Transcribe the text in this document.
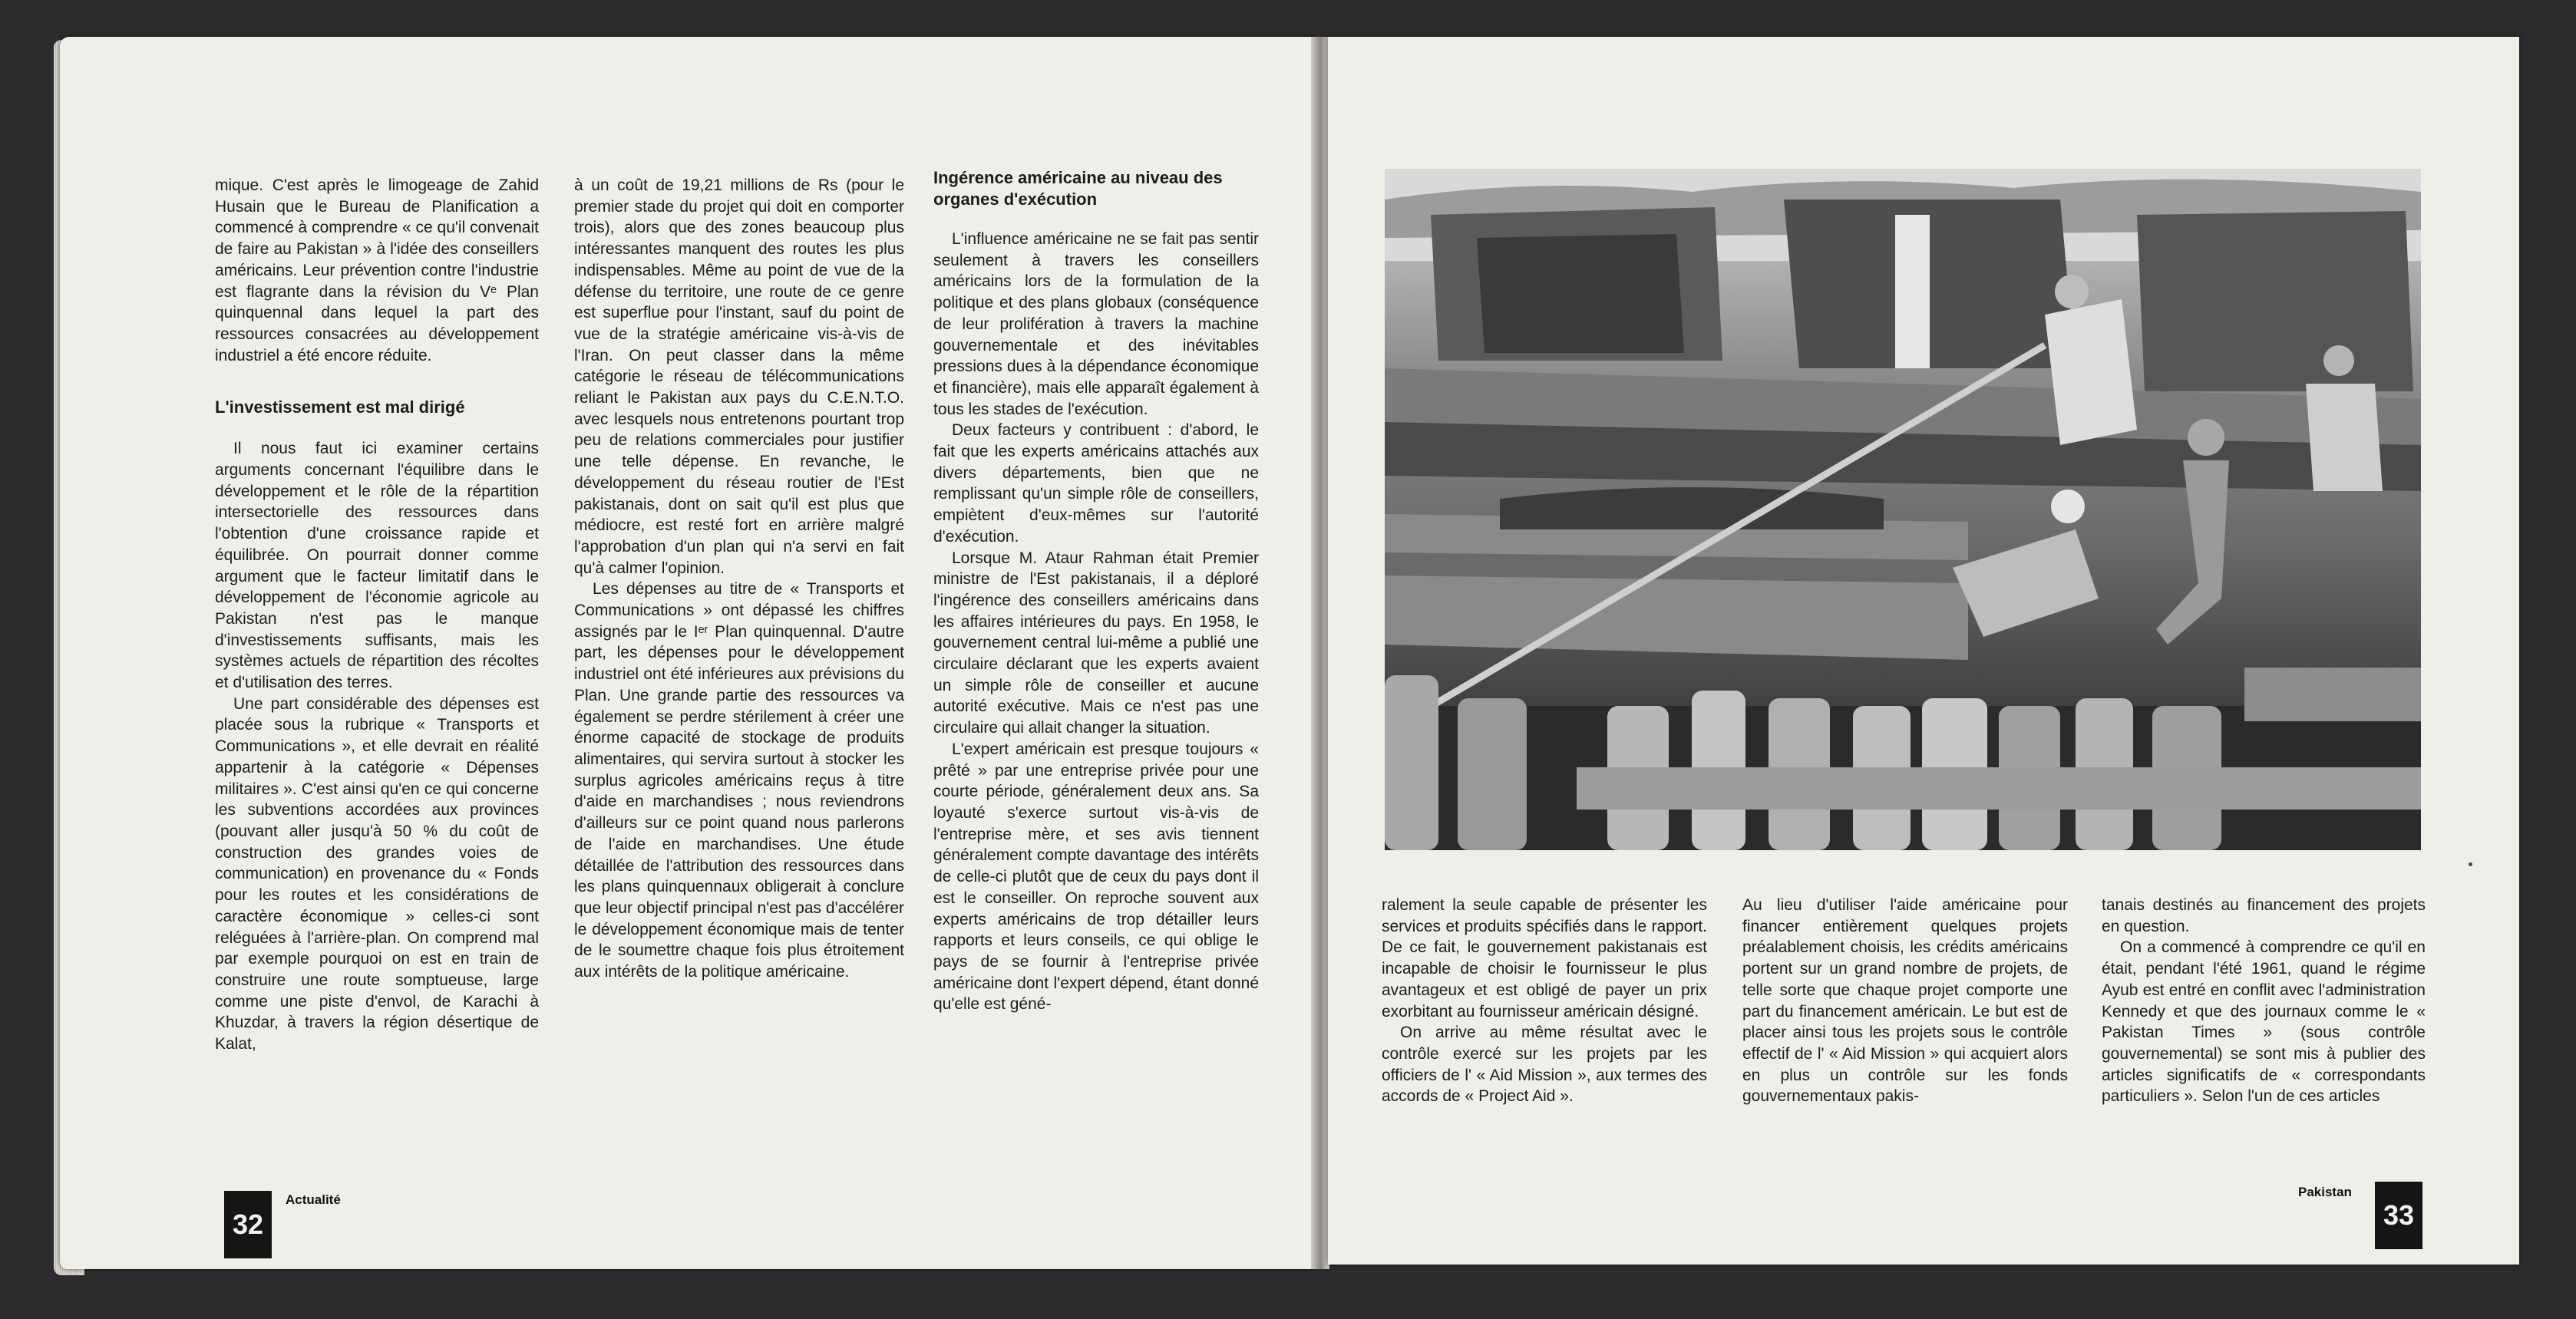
mique. C'est après le limogeage de Zahid Husain que le Bureau de Planification a commencé à comprendre « ce qu'il convenait de faire au Pakistan » à l'idée des conseillers américains. Leur prévention contre l'industrie est flagrante dans la révision du Vᵉ Plan quinquennal dans lequel la part des ressources consacrées au développement industriel a été encore réduite.

L'investissement est mal dirigé

Il nous faut ici examiner certains arguments concernant l'équilibre dans le développement et le rôle de la répartition intersectorielle des ressources dans l'obtention d'une croissance rapide et équilibrée. On pourrait donner comme argument que le facteur limitatif dans le développement de l'économie agricole au Pakistan n'est pas le manque d'investissements suffisants, mais les systèmes actuels de répartition des récoltes et d'utilisation des terres.

Une part considérable des dépenses est placée sous la rubrique « Transports et Communications », et elle devrait en réalité appartenir à la catégorie « Dépenses militaires ». C'est ainsi qu'en ce qui concerne les subventions accordées aux provinces (pouvant aller jusqu'à 50 % du coût de construction des grandes voies de communication) en provenance du « Fonds pour les routes et les considérations de caractère économique » celles-ci sont reléguées à l'arrière-plan. On comprend mal par exemple pourquoi on est en train de construire une route somptueuse, large comme une piste d'envol, de Karachi à Khuzdar, à travers la région désertique de Kalat,

à un coût de 19,21 millions de Rs (pour le premier stade du projet qui doit en comporter trois), alors que des zones beaucoup plus intéressantes manquent des routes les plus indispensables. Même au point de vue de la défense du territoire, une route de ce genre est superflue pour l'instant, sauf du point de vue de la stratégie américaine vis-à-vis de l'Iran. On peut classer dans la même catégorie le réseau de télécommunications reliant le Pakistan aux pays du C.E.N.T.O. avec lesquels nous entretenons pourtant trop peu de relations commerciales pour justifier une telle dépense. En revanche, le développement du réseau routier de l'Est pakistanais, dont on sait qu'il est plus que médiocre, est resté fort en arrière malgré l'approbation d'un plan qui n'a servi en fait qu'à calmer l'opinion.

Les dépenses au titre de « Transports et Communications » ont dépassé les chiffres assignés par le Iᵉʳ Plan quinquennal. D'autre part, les dépenses pour le développement industriel ont été inférieures aux prévisions du Plan. Une grande partie des ressources va également se perdre stérilement à créer une énorme capacité de stockage de produits alimentaires, qui servira surtout à stocker les surplus agricoles américains reçus à titre d'aide en marchandises ; nous reviendrons d'ailleurs sur ce point quand nous parlerons de l'aide en marchandises. Une étude détaillée de l'attribution des ressources dans les plans quinquennaux obligerait à conclure que leur objectif principal n'est pas d'accélérer le développement économique mais de tenter de le soumettre chaque fois plus étroitement aux intérêts de la politique américaine.

Ingérence américaine au niveau des organes d'exécution

L'influence américaine ne se fait pas sentir seulement à travers les conseillers américains lors de la formulation de la politique et des plans globaux (conséquence de leur prolifération à travers la machine gouvernementale et des inévitables pressions dues à la dépendance économique et financière), mais elle apparaît également à tous les stades de l'exécution.

Deux facteurs y contribuent : d'abord, le fait que les experts américains attachés aux divers départements, bien que ne remplissant qu'un simple rôle de conseillers, empiètent d'eux-mêmes sur l'autorité d'exécution.

Lorsque M. Ataur Rahman était Premier ministre de l'Est pakistanais, il a déploré l'ingérence des conseillers américains dans les affaires intérieures du pays. En 1958, le gouvernement central lui-même a publié une circulaire déclarant que les experts avaient un simple rôle de conseiller et aucune autorité exécutive. Mais ce n'est pas une circulaire qui allait changer la situation.

L'expert américain est presque toujours « prêté » par une entreprise privée pour une courte période, généralement deux ans. Sa loyauté s'exerce surtout vis-à-vis de l'entreprise mère, et ses avis tiennent généralement compte davantage des intérêts de celle-ci plutôt que de ceux du pays dont il est le conseiller. On reproche souvent aux experts américains de trop détailler leurs rapports et leurs conseils, ce qui oblige le pays de se fournir à l'entreprise privée américaine dont l'expert dépend, étant donné qu'elle est géné-

32
Actualité

ralement la seule capable de présenter les services et produits spécifiés dans le rapport. De ce fait, le gouvernement pakistanais est incapable de choisir le fournisseur le plus avantageux et est obligé de payer un prix exorbitant au fournisseur américain désigné.

On arrive au même résultat avec le contrôle exercé sur les projets par les officiers de l' « Aid Mission », aux termes des accords de « Project Aid ».

Au lieu d'utiliser l'aide américaine pour financer entièrement quelques projets préalablement choisis, les crédits américains portent sur un grand nombre de projets, de telle sorte que chaque projet comporte une part du financement américain. Le but est de placer ainsi tous les projets sous le contrôle effectif de l' « Aid Mission » qui acquiert alors en plus un contrôle sur les fonds gouvernementaux pakis-

tanais destinés au financement des projets en question.

On a commencé à comprendre ce qu'il en était, pendant l'été 1961, quand le régime Ayub est entré en conflit avec l'administration Kennedy et que des journaux comme le « Pakistan Times » (sous contrôle gouvernemental) se sont mis à publier des articles significatifs de « correspondants particuliers ». Selon l'un de ces articles

Pakistan
33
